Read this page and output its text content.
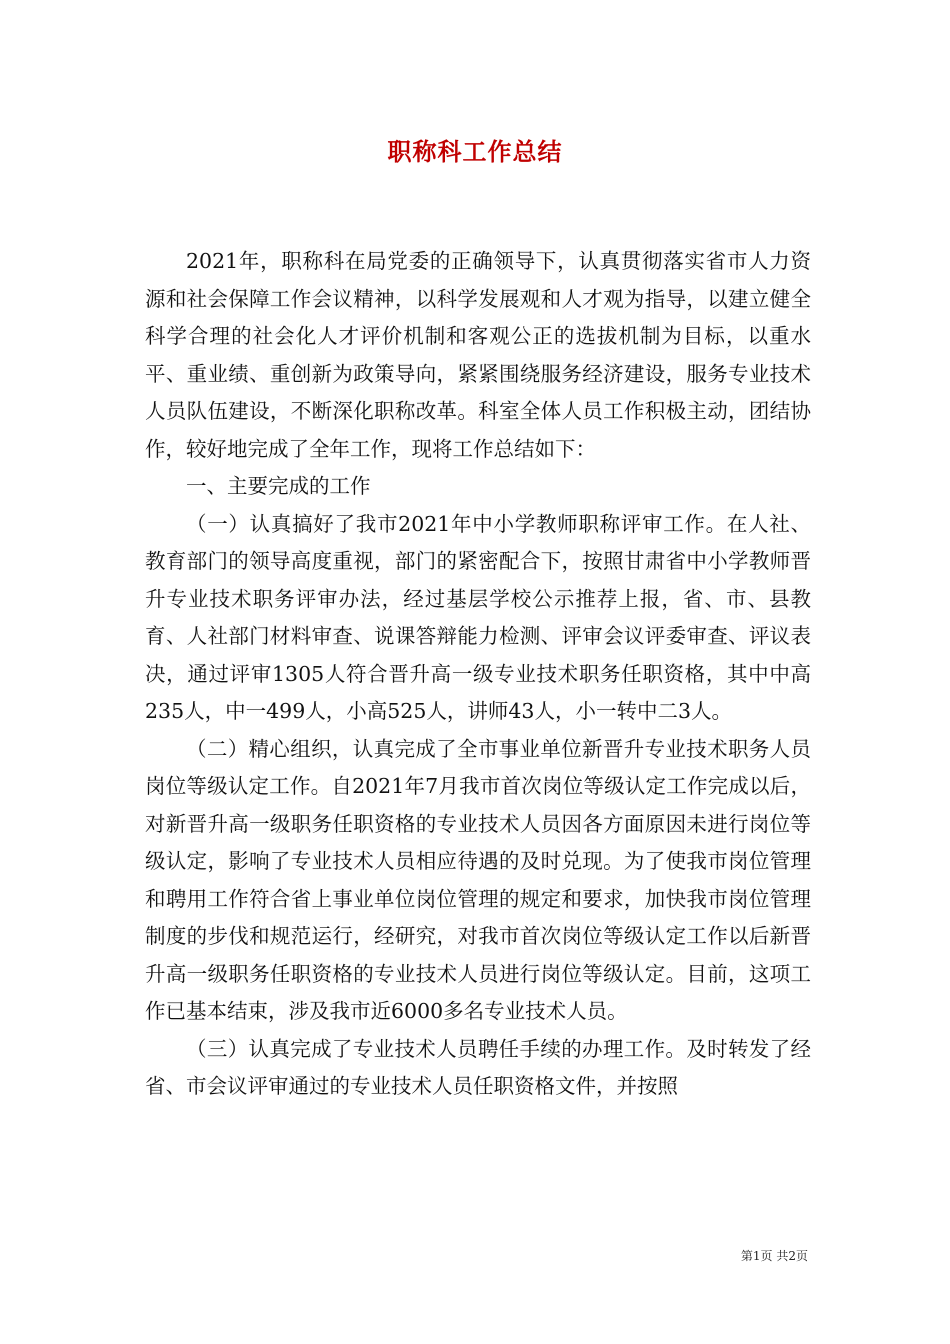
职称科工作总结

2021年，职称科在局党委的正确领导下，认真贯彻落实省市人力资源和社会保障工作会议精神，以科学发展观和人才观为指导，以建立健全科学合理的社会化人才评价机制和客观公正的选拔机制为目标，以重水平、重业绩、重创新为政策导向，紧紧围绕服务经济建设，服务专业技术人员队伍建设，不断深化职称改革。科室全体人员工作积极主动，团结协作，较好地完成了全年工作，现将工作总结如下：

一、主要完成的工作

（一）认真搞好了我市2021年中小学教师职称评审工作。在人社、教育部门的领导高度重视，部门的紧密配合下，按照甘肃省中小学教师晋升专业技术职务评审办法，经过基层学校公示推荐上报，省、市、县教育、人社部门材料审查、说课答辩能力检测、评审会议评委审查、评议表决，通过评审1305人符合晋升高一级专业技术职务任职资格，其中中高235人，中一499人，小高525人，讲师43人，小一转中二3人。

（二）精心组织，认真完成了全市事业单位新晋升专业技术职务人员岗位等级认定工作。自2021年7月我市首次岗位等级认定工作完成以后，对新晋升高一级职务任职资格的专业技术人员因各方面原因未进行岗位等级认定，影响了专业技术人员相应待遇的及时兑现。为了使我市岗位管理和聘用工作符合省上事业单位岗位管理的规定和要求，加快我市岗位管理制度的步伐和规范运行，经研究，对我市首次岗位等级认定工作以后新晋升高一级职务任职资格的专业技术人员进行岗位等级认定。目前，这项工作已基本结束，涉及我市近6000多名专业技术人员。

（三）认真完成了专业技术人员聘任手续的办理工作。及时转发了经省、市会议评审通过的专业技术人员任职资格文件，并按照

第1页 共2页
